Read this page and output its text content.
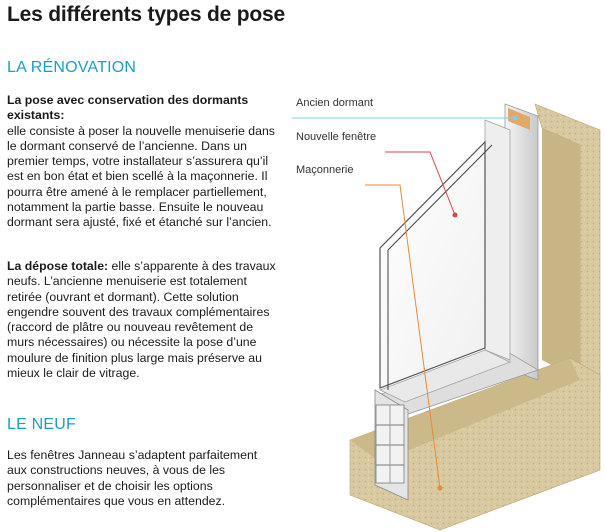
Les différents types de pose
LA RÉNOVATION
La pose avec conservation des dormants existants:
elle consiste à poser la nouvelle menuiserie dans le dormant conservé de l’ancienne. Dans un premier temps, votre installateur s’assurera qu’il est en bon état et bien scellé à la maçonnerie. Il pourra être amené à le remplacer partiellement, notamment la partie basse. Ensuite le nouveau dormant sera ajusté, fixé et étanché sur l’ancien.
La dépose totale: elle s’apparente à des travaux neufs. L’ancienne menuiserie est totalement retirée (ouvrant et dormant). Cette solution engendre souvent des travaux complémentaires (raccord de plâtre ou nouveau revêtement de murs nécessaires) ou nécessite la pose d’une moulure de finition plus large mais préserve au mieux le clair de vitrage.
LE NEUF
Les fenêtres Janneau s’adaptent parfaitement aux constructions neuves, à vous de les personnaliser et de choisir les options complémentaires que vous en attendez.
Ancien dormant
Nouvelle fenêtre
Maçonnerie
